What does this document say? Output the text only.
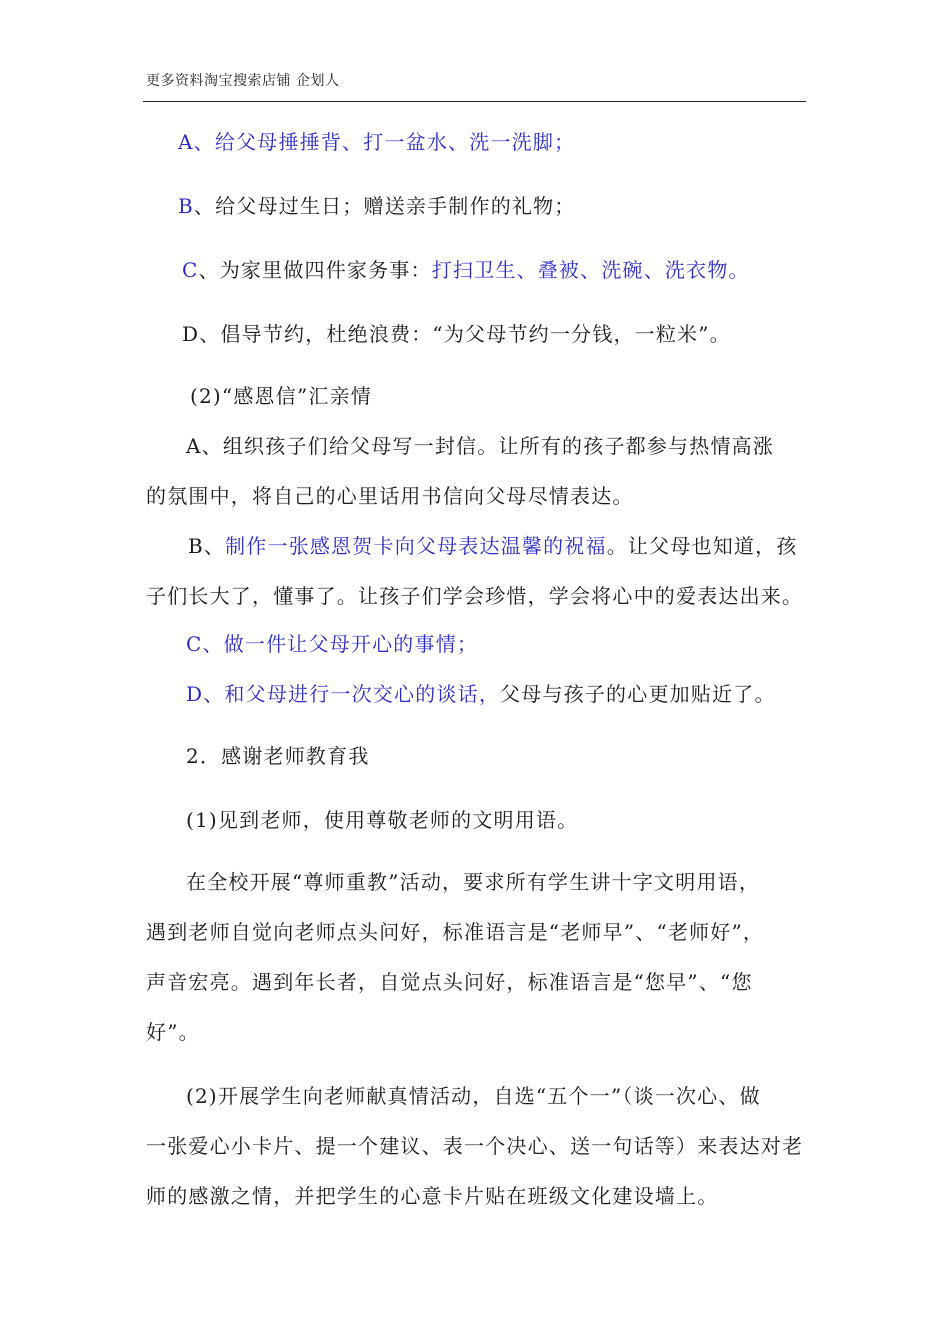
更多资料淘宝搜索店铺 企划人
A、给父母捶捶背、打一盆水、洗一洗脚；
B、给父母过生日；赠送亲手制作的礼物；
C、为家里做四件家务事：打扫卫生、叠被、洗碗、洗衣物。
D、倡导节约，杜绝浪费：“为父母节约一分钱，一粒米”。
(2)“感恩信”汇亲情
A、组织孩子们给父母写一封信。让所有的孩子都参与热情高涨
的氛围中，将自己的心里话用书信向父母尽情表达。
B、制作一张感恩贺卡向父母表达温馨的祝福。让父母也知道，孩
子们长大了，懂事了。让孩子们学会珍惜，学会将心中的爱表达出来。
C、做一件让父母开心的事情；
D、和父母进行一次交心的谈话，父母与孩子的心更加贴近了。
2．感谢老师教育我
(1)见到老师，使用尊敬老师的文明用语。
在全校开展“尊师重教”活动，要求所有学生讲十字文明用语，
遇到老师自觉向老师点头问好，标准语言是“老师早”、“老师好”，
声音宏亮。遇到年长者，自觉点头问好，标准语言是“您早”、“您
好”。
(2)开展学生向老师献真情活动，自选“五个一”（谈一次心、做
一张爱心小卡片、提一个建议、表一个决心、送一句话等）来表达对老
师的感激之情，并把学生的心意卡片贴在班级文化建设墙上。
